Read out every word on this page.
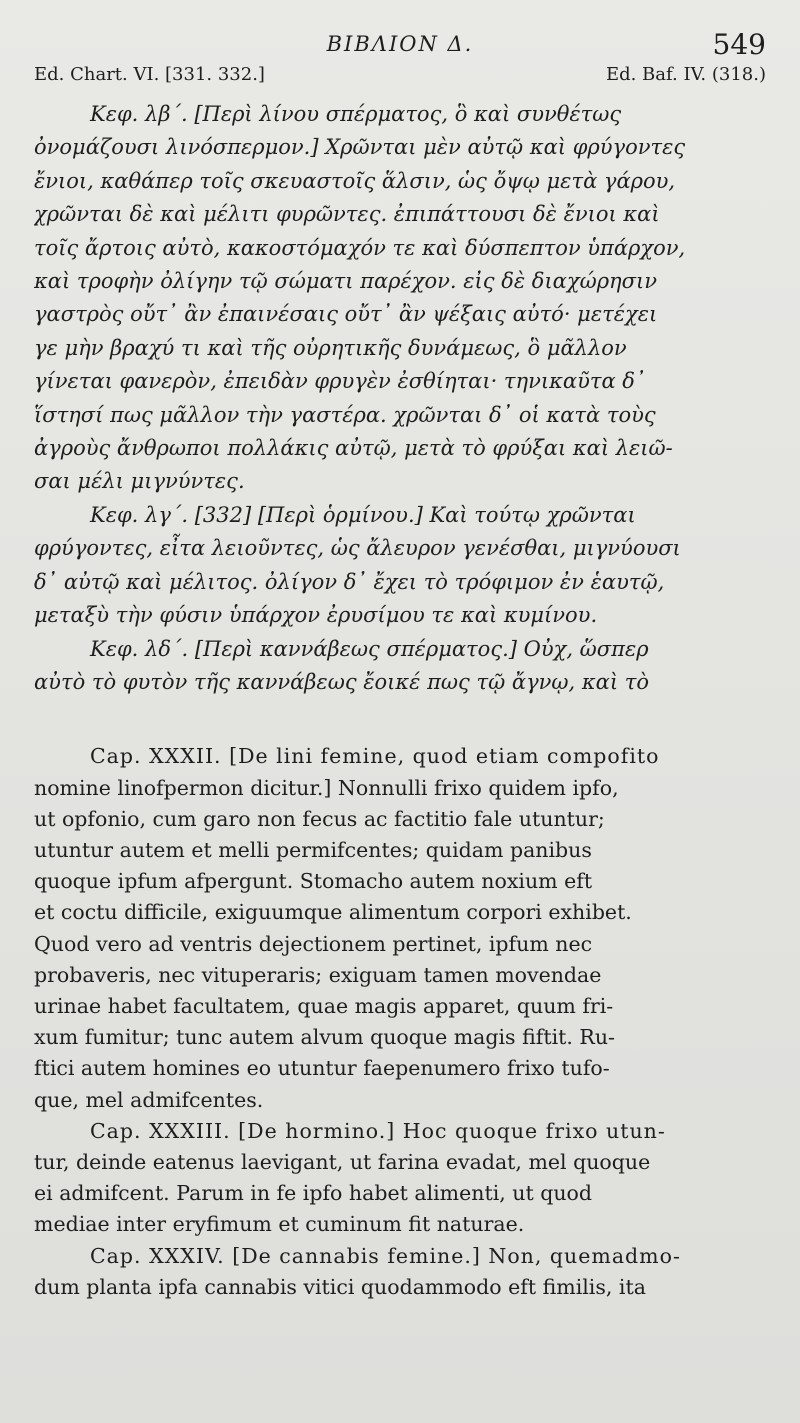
ΒΙΒΛΙΟΝ Δ.	549
Ed. Chart. VI. [331. 332.]	Ed. Baf. IV. (318.)
Κεφ. λβ΄. [Περὶ λίνου σπέρματος, ὃ καὶ συνθέτως
ὀνομάζουσι λινόσπερμον.] Χρῶνται μὲν αὐτῷ καὶ φρύγοντες
ἔνιοι, καθάπερ τοῖς σκευαστοῖς ἅλσιν, ὡς ὄψῳ μετὰ γάρου,
χρῶνται δὲ καὶ μέλιτι φυρῶντες. ἐπιπάττουσι δὲ ἔνιοι καὶ
τοῖς ἄρτοις αὐτὸ, κακοστόμαχόν τε καὶ δύσπεπτον ὑπάρχον,
καὶ τροφὴν ὀλίγην τῷ σώματι παρέχον. εἰς δὲ διαχώρησιν
γαστρὸς οὔτ᾽ ἂν ἐπαινέσαις οὔτ᾽ ἂν ψέξαις αὐτό· μετέχει
γε μὴν βραχύ τι καὶ τῆς οὐρητικῆς δυνάμεως, ὃ μᾶλλον
γίνεται φανερὸν, ἐπειδὰν φρυγὲν ἐσθίηται· τηνικαῦτα δ᾽
ἵστησί πως μᾶλλον τὴν γαστέρα. χρῶνται δ᾽ οἱ κατὰ τοὺς
ἀγροὺς ἄνθρωποι πολλάκις αὐτῷ, μετὰ τὸ φρύξαι καὶ λειῶ-
σαι μέλι μιγνύντες.
Κεφ. λγ΄. [332] [Περὶ ὁρμίνου.] Καὶ τούτῳ χρῶνται
φρύγοντες, εἶτα λειοῦντες, ὡς ἄλευρον γενέσθαι, μιγνύουσι
δ᾽ αὐτῷ καὶ μέλιτος. ὀλίγον δ᾽ ἔχει τὸ τρόφιμον ἐν ἑαυτῷ,
μεταξὺ τὴν φύσιν ὑπάρχον ἐρυσίμου τε καὶ κυμίνου.
Κεφ. λδ΄. [Περὶ καννάβεως σπέρματος.] Οὐχ, ὥσπερ
αὐτὸ τὸ φυτὸν τῆς καννάβεως ἔοικέ πως τῷ ἄγνῳ, καὶ τὸ
Cap. XXXII. [De lini femine, quod etiam compofito
nomine linofpermon dicitur.] Nonnulli frixo quidem ipfo,
ut opfonio, cum garo non fecus ac factitio fale utuntur;
utuntur autem et melli permifcentes; quidam panibus
quoque ipfum afpergunt. Stomacho autem noxium eft
et coctu difficile, exiguumque alimentum corpori exhibet.
Quod vero ad ventris dejectionem pertinet, ipfum nec
probaveris, nec vituperaris; exiguam tamen movendae
urinae habet facultatem, quae magis apparet, quum fri-
xum fumitur; tunc autem alvum quoque magis fiftit. Ru-
ftici autem homines eo utuntur faepenumero frixo tufo-
que, mel admifcentes.
Cap. XXXIII. [De hormino.] Hoc quoque frixo utun-
tur, deinde eatenus laevigant, ut farina evadat, mel quoque
ei admifcent. Parum in fe ipfo habet alimenti, ut quod
mediae inter eryfimum et cuminum fit naturae.
Cap. XXXIV. [De cannabis femine.] Non, quemadmo-
dum planta ipfa cannabis vitici quodammodo eft fimilis, ita
